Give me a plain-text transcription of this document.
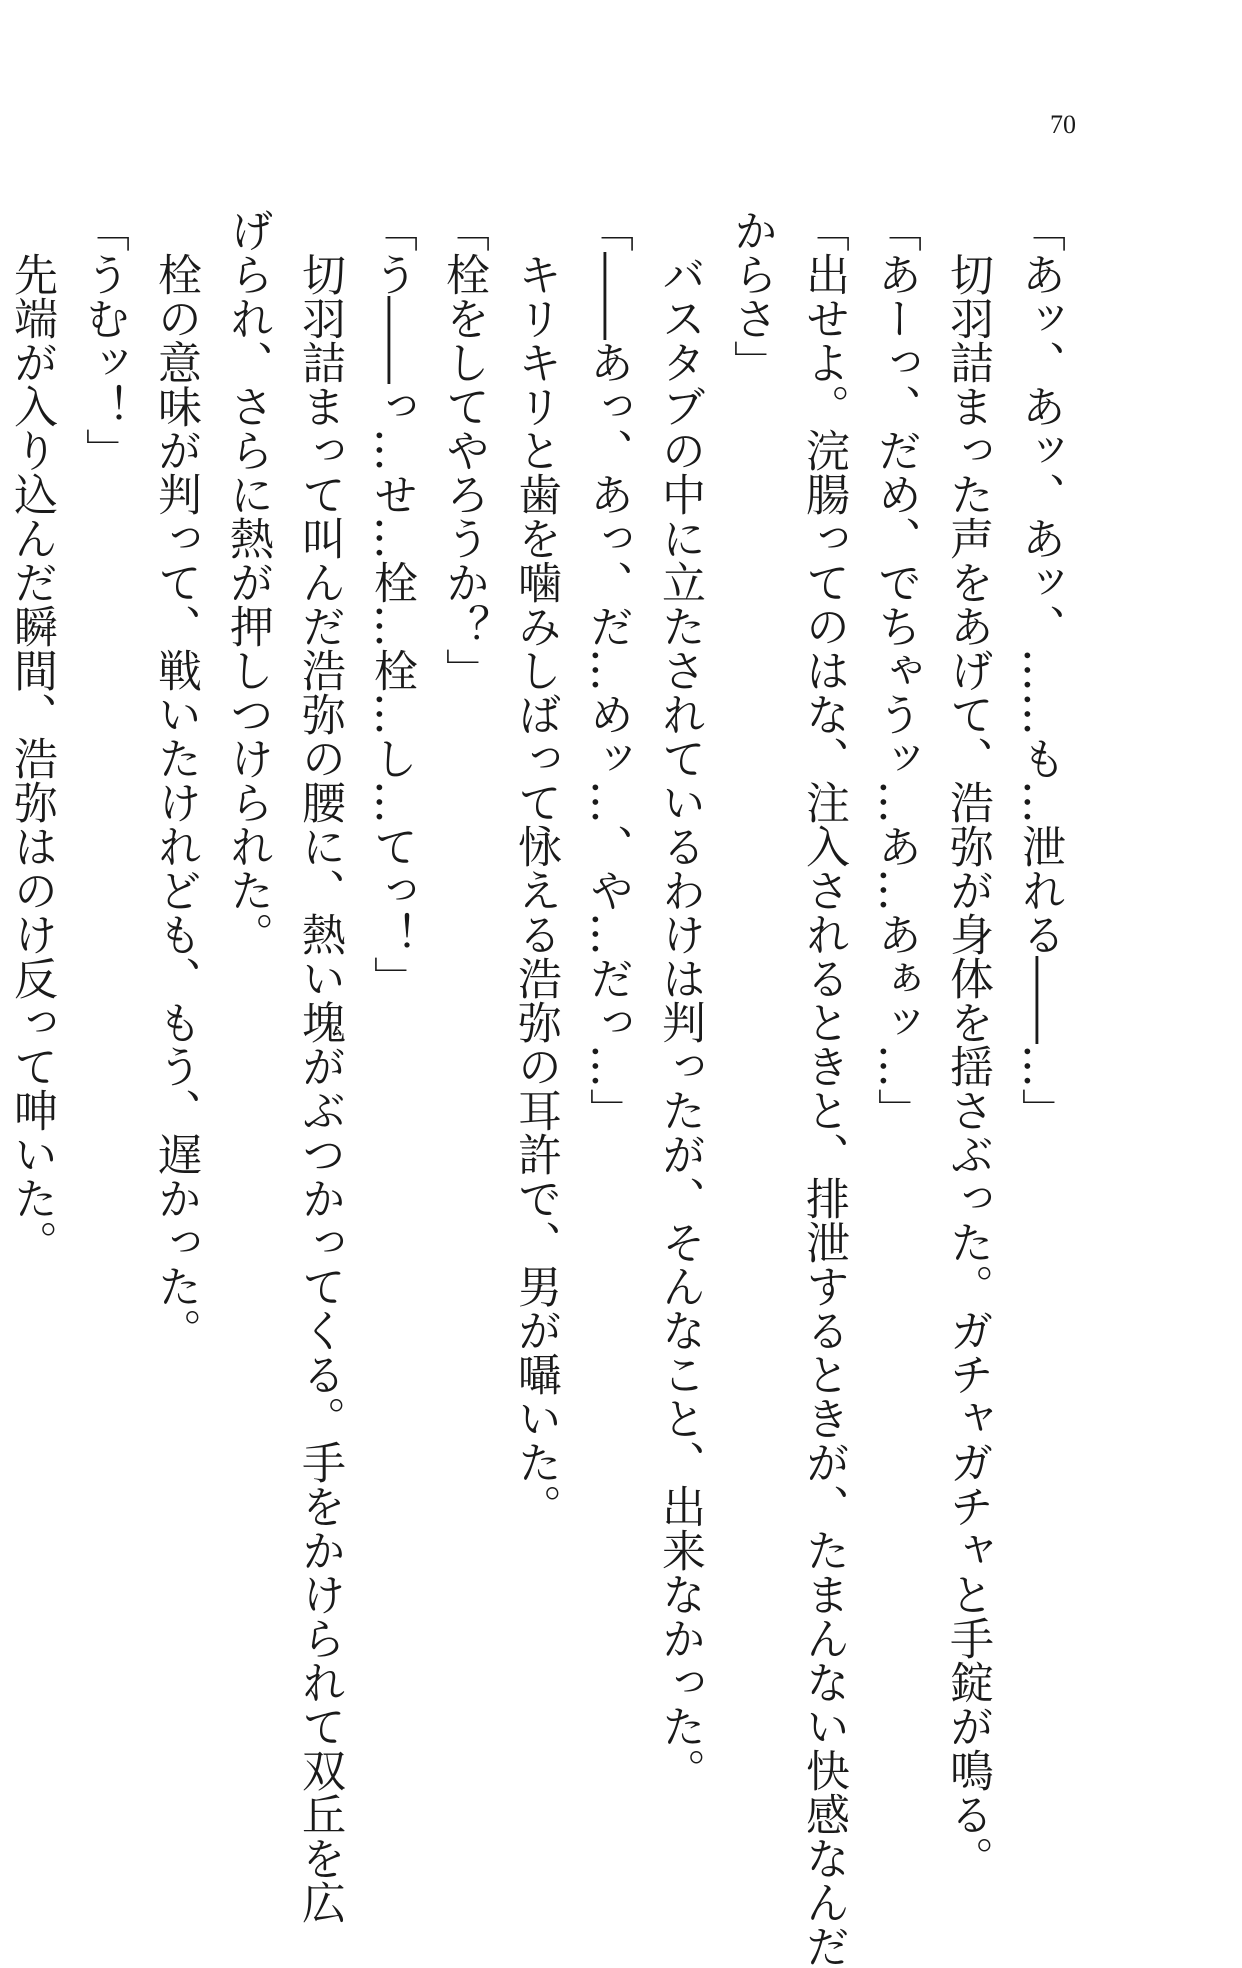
70
「あッ、あッ、あッ、……も…泄れる――…」
　切羽詰まった声をあげて、浩弥が身体を揺さぶった。ガチャガチャと手錠が鳴る。
「あーっ、だめ、でちゃうッ…あ…あぁッ…」
「出せよ。浣腸ってのはな、注入されるときと、排泄するときが、たまんない快感なんだ
からさ」
　バスタブの中に立たされているわけは判ったが、そんなこと、出来なかった。
「――あっ、あっ、だ…めッ…、や…だっ…」
　キリキリと歯を噛みしばって怺える浩弥の耳許で、男が囁いた。
「栓をしてやろうか？」
「う――っ…せ…栓…栓…し…てっ！」
　切羽詰まって叫んだ浩弥の腰に、熱い塊がぶつかってくる。手をかけられて双丘を広
げられ、さらに熱が押しつけられた。
　栓の意味が判って、戦いたけれども、もう、遅かった。
「うむッ！」
　先端が入り込んだ瞬間、浩弥はのけ反って呻いた。
